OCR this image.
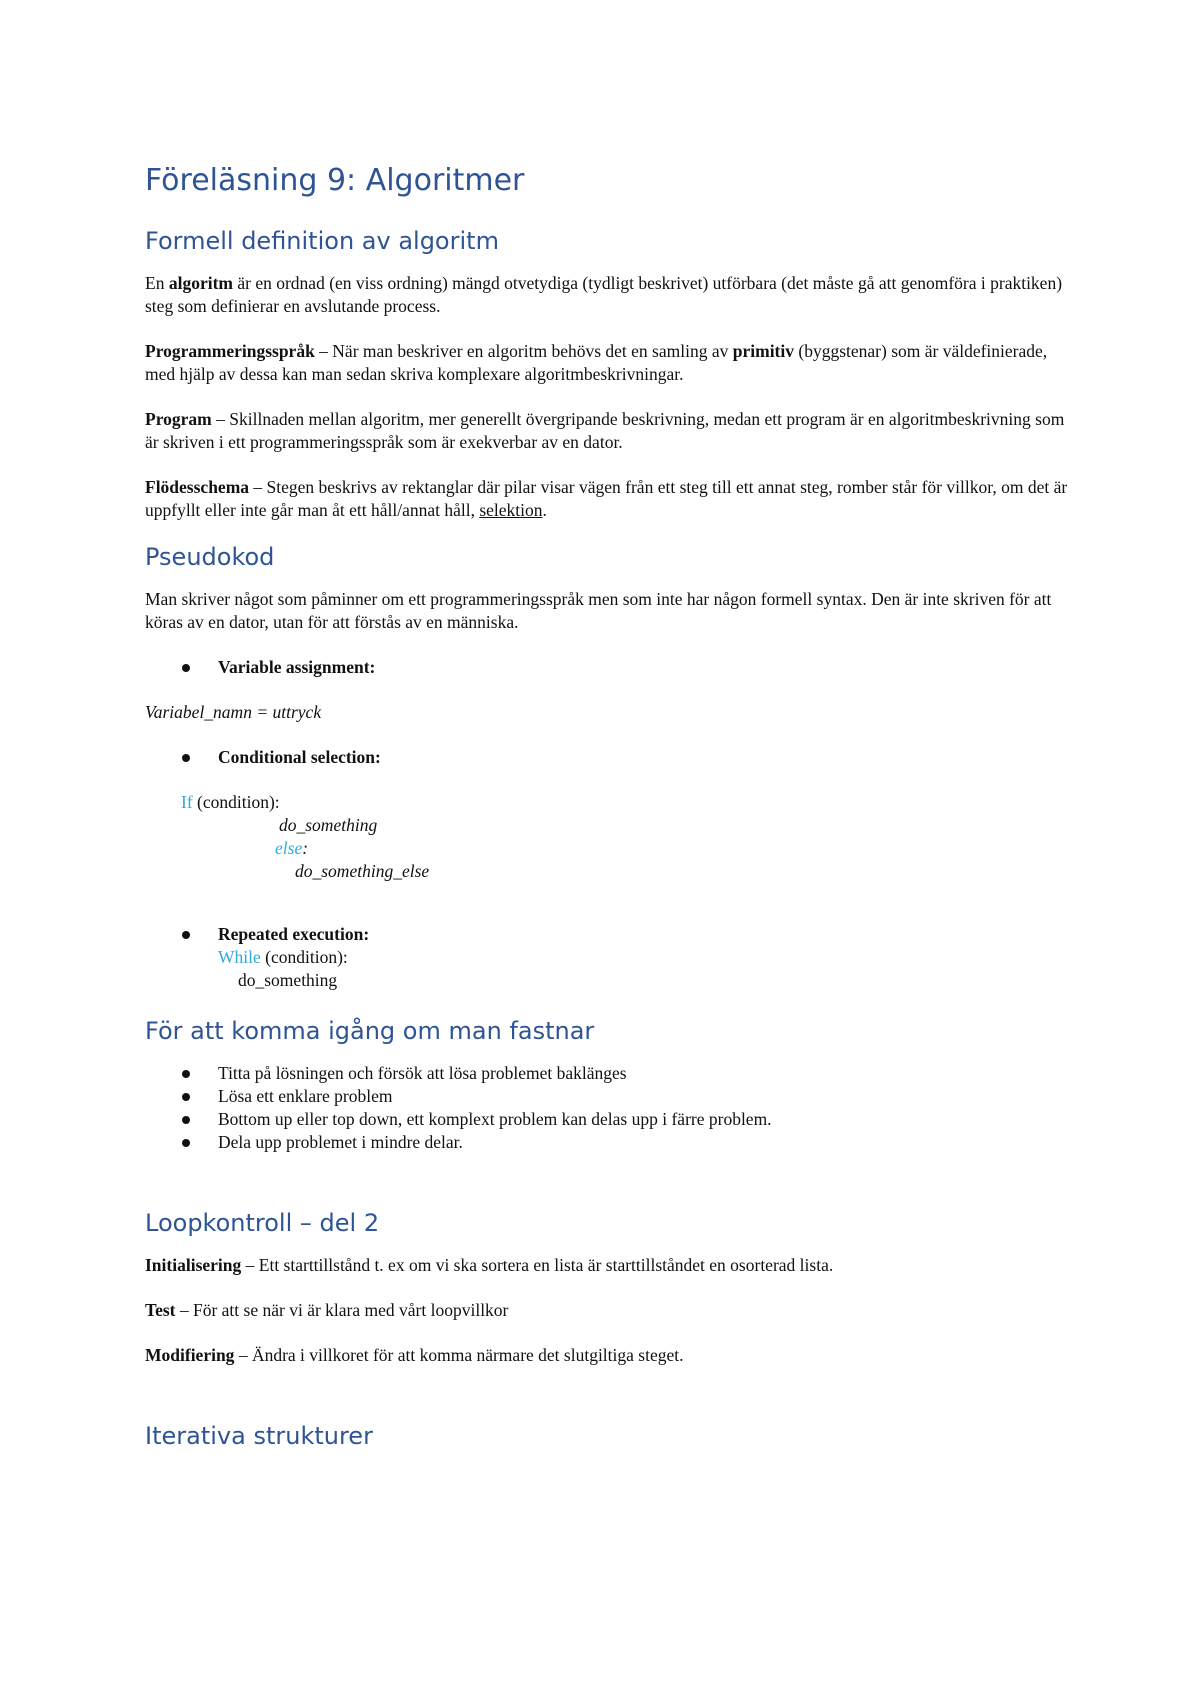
Föreläsning 9: Algoritmer
Formell definition av algoritm

En algoritm är en ordnad (en viss ordning) mängd otvetydiga (tydligt beskrivet) utförbara (det måste gå att genomföra i praktiken) steg som definierar en avslutande process.

Programmeringsspråk – När man beskriver en algoritm behövs det en samling av primitiv (byggstenar) som är väldefinierade, med hjälp av dessa kan man sedan skriva komplexare algoritmbeskrivningar.

Program – Skillnaden mellan algoritm, mer generellt övergripande beskrivning, medan ett program är en algoritmbeskrivning som är skriven i ett programmeringsspråk som är exekverbar av en dator.

Flödesschema – Stegen beskrivs av rektanglar där pilar visar vägen från ett steg till ett annat steg, romber står för villkor, om det är uppfyllt eller inte går man åt ett håll/annat håll, selektion.

Pseudokod

Man skriver något som påminner om ett programmeringsspråk men som inte har någon formell syntax. Den är inte skriven för att köras av en dator, utan för att förstås av en människa.

Variable assignment:

Variabel_namn = uttryck

Conditional selection:
If (condition):
do_something
else:
do_something_else
Repeated execution:
While (condition):
do_something
För att komma igång om man fastnar
Titta på lösningen och försök att lösa problemet baklänges
Lösa ett enklare problem
Bottom up eller top down, ett komplext problem kan delas upp i färre problem.
Dela upp problemet i mindre delar.
Loopkontroll – del 2

Initialisering – Ett starttillstånd t. ex om vi ska sortera en lista är starttillståndet en osorterad lista.

Test – För att se när vi är klara med vårt loopvillkor

Modifiering – Ändra i villkoret för att komma närmare det slutgiltiga steget.

Iterativa strukturer
